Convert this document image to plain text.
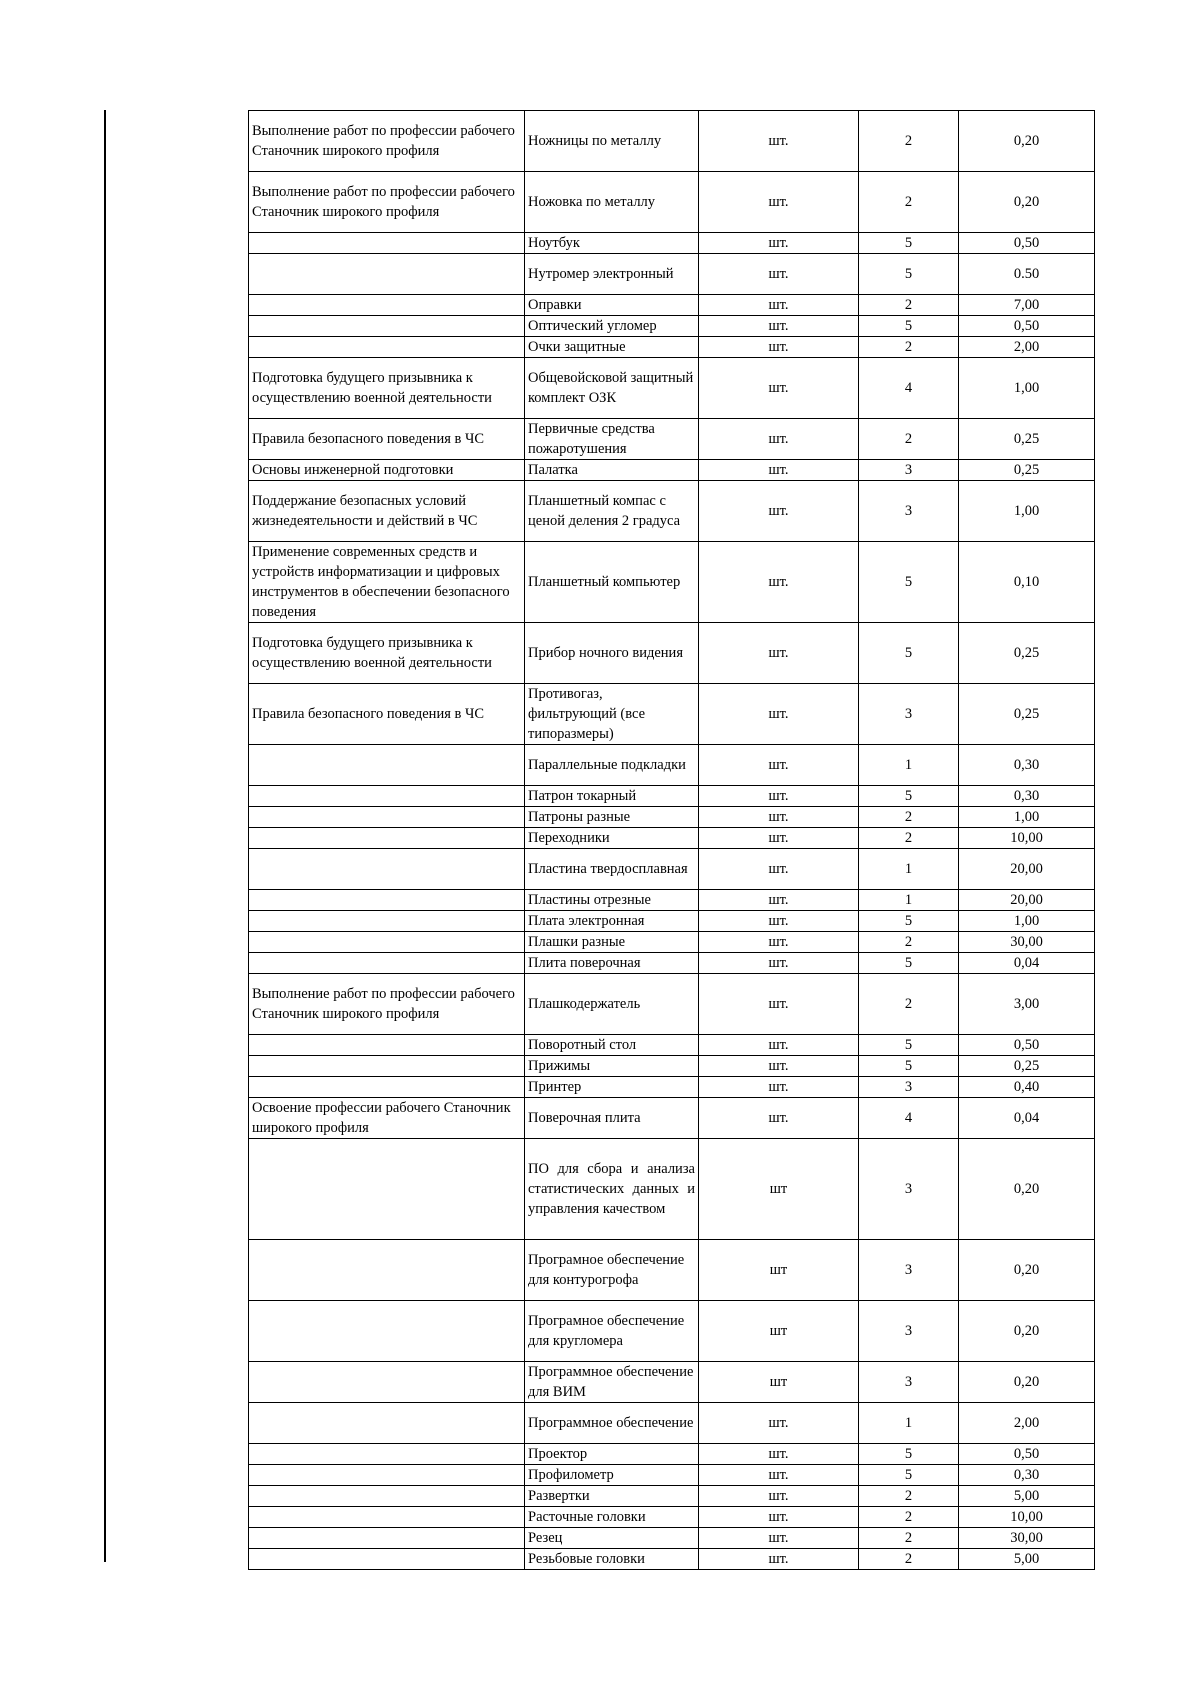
Выполнение работ по профессии рабочего Станочник широкого профиля	Ножницы по металлу	шт.	2	0,20
Выполнение работ по профессии рабочего Станочник широкого профиля	Ножовка по металлу	шт.	2	0,20
	Ноутбук	шт.	5	0,50
	Нутромер электронный	шт.	5	0.50
	Оправки	шт.	2	7,00
	Оптический угломер	шт.	5	0,50
	Очки защитные	шт.	2	2,00
Подготовка будущего призывника к осуществлению военной деятельности	Общевойсковой защитный комплект ОЗК	шт.	4	1,00
Правила безопасного поведения в ЧС	Первичные средства пожаротушения	шт.	2	0,25
Основы инженерной подготовки	Палатка	шт.	3	0,25
Поддержание безопасных условий жизнедеятельности и действий в ЧС	Планшетный компас с ценой деления 2 градуса	шт.	3	1,00
Применение современных средств и устройств информатизации и цифровых инструментов в обеспечении безопасного поведения	Планшетный компьютер	шт.	5	0,10
Подготовка будущего призывника к осуществлению военной деятельности	Прибор ночного видения	шт.	5	0,25
Правила безопасного поведения в ЧС	Противогаз, фильтрующий (все типоразмеры)	шт.	3	0,25
	Параллельные подкладки	шт.	1	0,30
	Патрон токарный	шт.	5	0,30
	Патроны разные	шт.	2	1,00
	Переходники	шт.	2	10,00
	Пластина твердосплавная	шт.	1	20,00
	Пластины отрезные	шт.	1	20,00
	Плата электронная	шт.	5	1,00
	Плашки разные	шт.	2	30,00
	Плита поверочная	шт.	5	0,04
Выполнение работ по профессии рабочего Станочник широкого профиля	Плашкодержатель	шт.	2	3,00
	Поворотный стол	шт.	5	0,50
	Прижимы	шт.	5	0,25
	Принтер	шт.	3	0,40
Освоение профессии рабочего Станочник широкого профиля	Поверочная плита	шт.	4	0,04
	ПО для сбора и анализа статистических данных и управления качеством	шт	3	0,20
	Програмное обеспечение для контурогрофа	шт	3	0,20
	Програмное обеспечение для кругломера	шт	3	0,20
	Программное обеспечение для ВИМ	шт	3	0,20
	Программное обеспечение	шт.	1	2,00
	Проектор	шт.	5	0,50
	Профилометр	шт.	5	0,30
	Развертки	шт.	2	5,00
	Расточные головки	шт.	2	10,00
	Резец	шт.	2	30,00
	Резьбовые головки	шт.	2	5,00
